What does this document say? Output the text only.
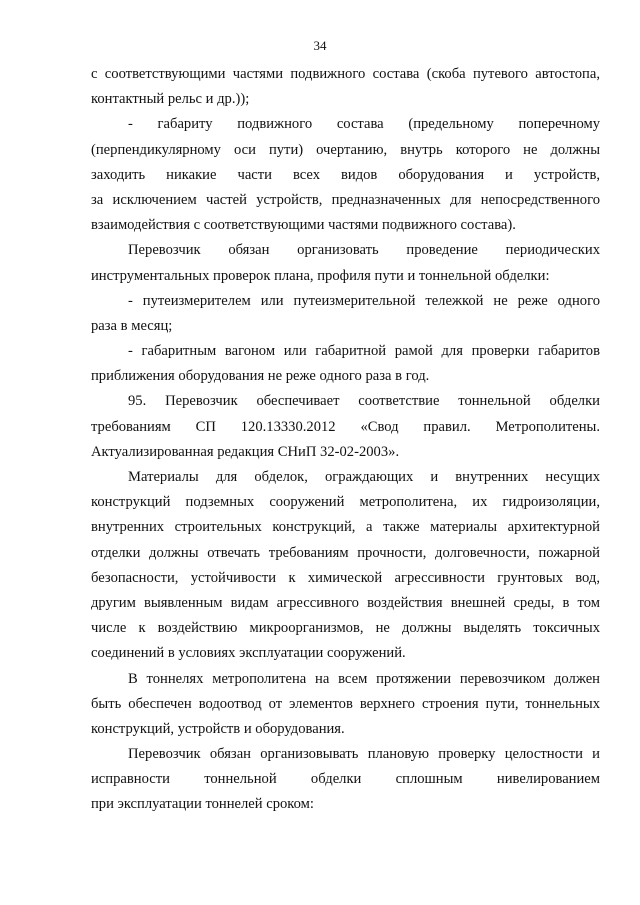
34
с соответствующими частями подвижного состава (скоба путевого автостопа,
контактный рельс и др.));
- габариту подвижного состава (предельному поперечному
(перпендикулярному оси пути) очертанию, внутрь которого не должны
заходить никакие части всех видов оборудования и устройств,
за исключением частей устройств, предназначенных для непосредственного
взаимодействия с соответствующими частями подвижного состава).
Перевозчик обязан организовать проведение периодических
инструментальных проверок плана, профиля пути и тоннельной обделки:
- путеизмерителем или путеизмерительной тележкой не реже одного
раза в месяц;
- габаритным вагоном или габаритной рамой для проверки габаритов
приближения оборудования не реже одного раза в год.
95. Перевозчик обеспечивает соответствие тоннельной обделки
требованиям СП 120.13330.2012 «Свод правил. Метрополитены.
Актуализированная редакция СНиП 32-02-2003».
Материалы для обделок, ограждающих и внутренних несущих
конструкций подземных сооружений метрополитена, их гидроизоляции,
внутренних строительных конструкций, а также материалы архитектурной
отделки должны отвечать требованиям прочности, долговечности, пожарной
безопасности, устойчивости к химической агрессивности грунтовых вод,
другим выявленным видам агрессивного воздействия внешней среды, в том
числе к воздействию микроорганизмов, не должны выделять токсичных
соединений в условиях эксплуатации сооружений.
В тоннелях метрополитена на всем протяжении перевозчиком должен
быть обеспечен водоотвод от элементов верхнего строения пути, тоннельных
конструкций, устройств и оборудования.
Перевозчик обязан организовывать плановую проверку целостности и
исправности тоннельной обделки сплошным нивелированием
при эксплуатации тоннелей сроком:
